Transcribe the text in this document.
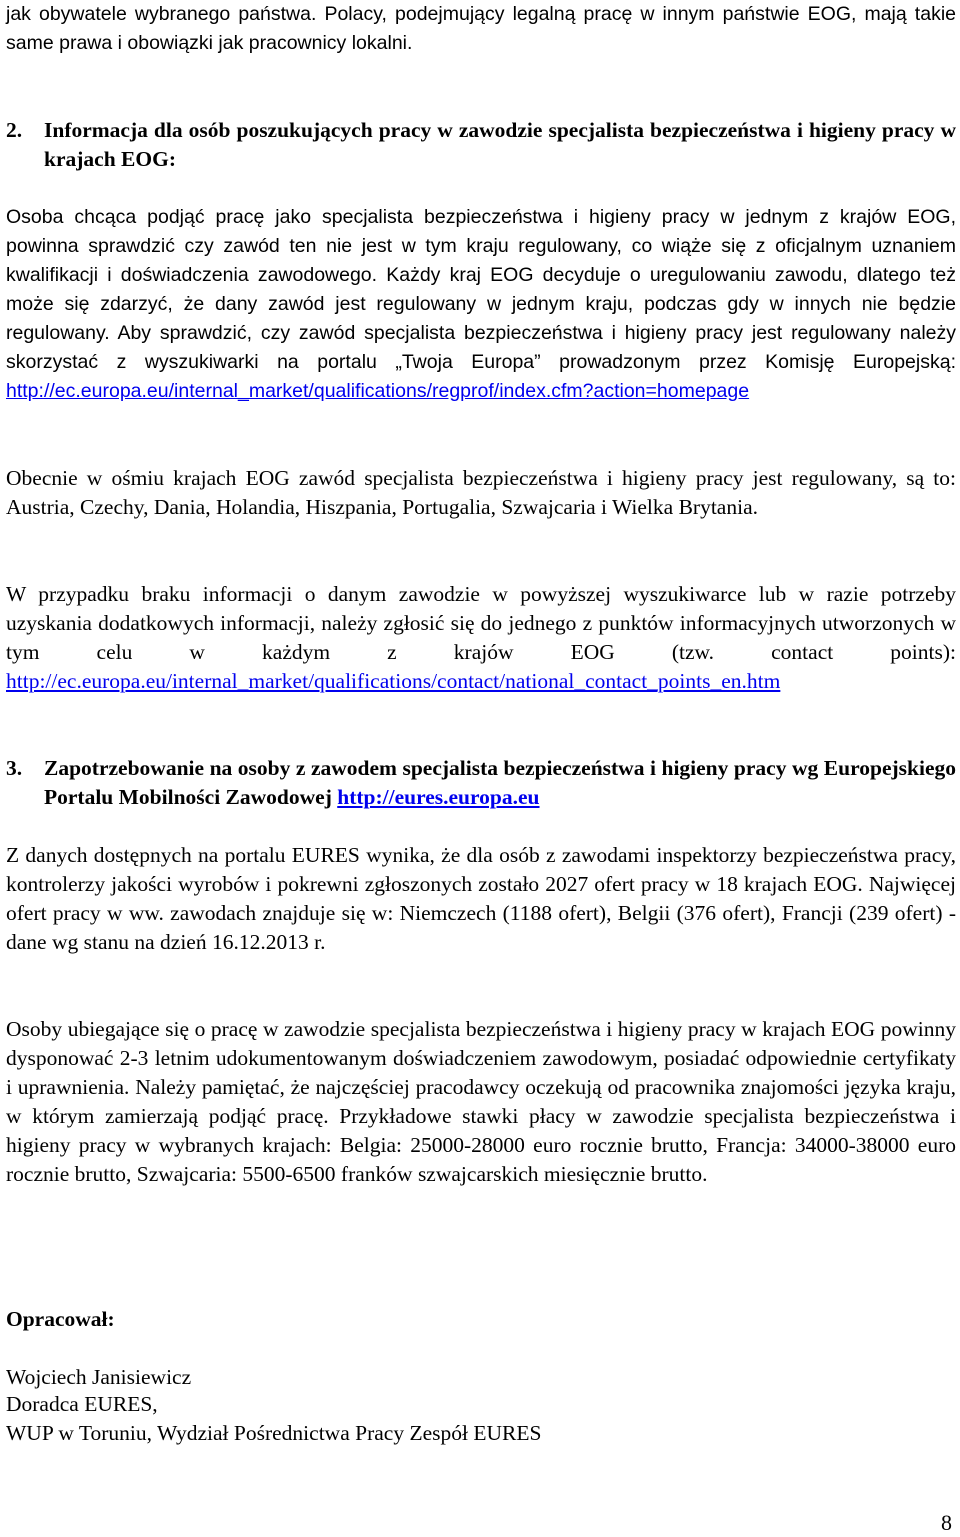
jak obywatele wybranego państwa. Polacy, podejmujący legalną pracę w innym państwie EOG, mają takie same prawa i obowiązki jak pracownicy lokalni.

2. Informacja dla osób poszukujących pracy w zawodzie specjalista bezpieczeństwa i higieny pracy w krajach EOG:

Osoba chcąca podjąć pracę jako specjalista bezpieczeństwa i higieny pracy w jednym z krajów EOG, powinna sprawdzić czy zawód ten nie jest w tym kraju regulowany, co wiąże się z oficjalnym uznaniem kwalifikacji i doświadczenia zawodowego. Każdy kraj EOG decyduje o uregulowaniu zawodu, dlatego też może się zdarzyć, że dany zawód jest regulowany w jednym kraju, podczas gdy w innych nie będzie regulowany. Aby sprawdzić, czy zawód specjalista bezpieczeństwa i higieny pracy jest regulowany należy skorzystać z wyszukiwarki na portalu „Twoja Europa” prowadzonym przez Komisję Europejską: http://ec.europa.eu/internal_market/qualifications/regprof/index.cfm?action=homepage

Obecnie w ośmiu krajach EOG zawód specjalista bezpieczeństwa i higieny pracy jest regulowany, są to: Austria, Czechy, Dania, Holandia, Hiszpania, Portugalia, Szwajcaria i Wielka Brytania.

W przypadku braku informacji o danym zawodzie w powyższej wyszukiwarce lub w razie potrzeby uzyskania dodatkowych informacji, należy zgłosić się do jednego z punktów informacyjnych utworzonych w tym celu w każdym z krajów EOG (tzw. contact points): http://ec.europa.eu/internal_market/qualifications/contact/national_contact_points_en.htm

3. Zapotrzebowanie na osoby z zawodem specjalista bezpieczeństwa i higieny pracy wg Europejskiego Portalu Mobilności Zawodowej http://eures.europa.eu

Z danych dostępnych na portalu EURES wynika, że dla osób z zawodami inspektorzy bezpieczeństwa pracy, kontrolerzy jakości wyrobów i pokrewni zgłoszonych zostało 2027 ofert pracy w 18 krajach EOG. Najwięcej ofert pracy w ww. zawodach znajduje się w: Niemczech (1188 ofert), Belgii (376 ofert), Francji (239 ofert) - dane wg stanu na dzień 16.12.2013 r.

Osoby ubiegające się o pracę w zawodzie specjalista bezpieczeństwa i higieny pracy w krajach EOG powinny dysponować 2-3 letnim udokumentowanym doświadczeniem zawodowym, posiadać odpowiednie certyfikaty i uprawnienia. Należy pamiętać, że najczęściej pracodawcy oczekują od pracownika znajomości języka kraju, w którym zamierzają podjąć pracę. Przykładowe stawki płacy w zawodzie specjalista bezpieczeństwa i higieny pracy w wybranych krajach: Belgia: 25000-28000 euro rocznie brutto, Francja: 34000-38000 euro rocznie brutto, Szwajcaria: 5500-6500 franków szwajcarskich miesięcznie brutto.

Opracował:

Wojciech Janisiewicz

Doradca EURES,

WUP w Toruniu, Wydział Pośrednictwa Pracy Zespół EURES

8
